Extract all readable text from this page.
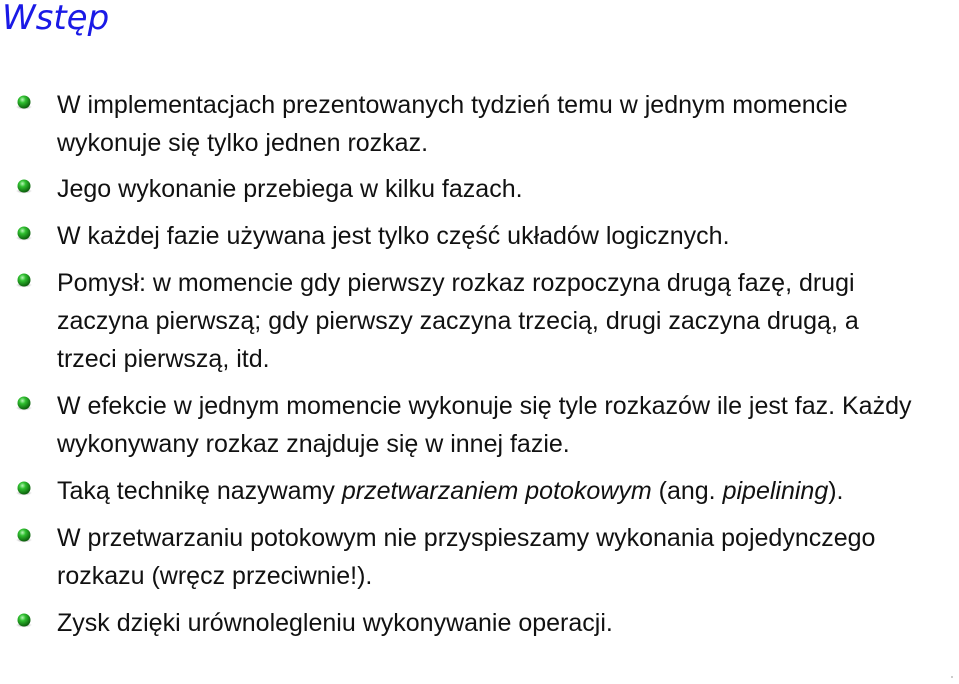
Wstęp
W implementacjach prezentowanych tydzień temu w jednym momencie wykonuje się tylko jednen rozkaz.
Jego wykonanie przebiega w kilku fazach.
W każdej fazie używana jest tylko część układów logicznych.
Pomysł: w momencie gdy pierwszy rozkaz rozpoczyna drugą fazę, drugi zaczyna pierwszą; gdy pierwszy zaczyna trzecią, drugi zaczyna drugą, a trzeci pierwszą, itd.
W efekcie w jednym momencie wykonuje się tyle rozkazów ile jest faz. Każdy wykonywany rozkaz znajduje się w innej fazie.
Taką technikę nazywamy przetwarzaniem potokowym (ang. pipelining).
W przetwarzaniu potokowym nie przyspieszamy wykonania pojedynczego rozkazu (wręcz przeciwnie!).
Zysk dzięki urównolegleniu wykonywanie operacji.
